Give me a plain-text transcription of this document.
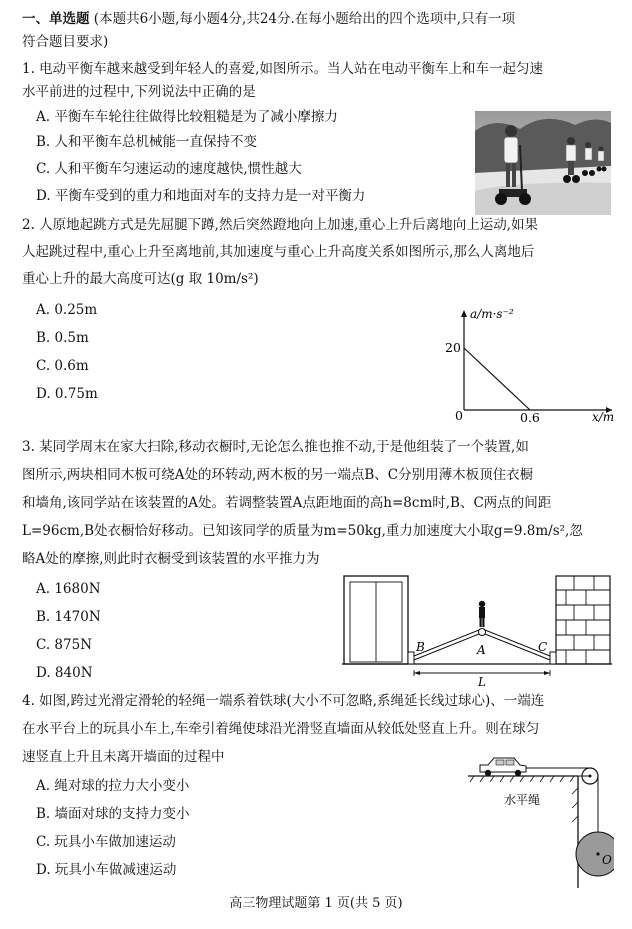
一、单选题 (本题共6小题,每小题4分,共24分.在每小题给出的四个选项中,只有一项
符合题目要求)
1. 电动平衡车越来越受到年轻人的喜爱,如图所示。当人站在电动平衡车上和车一起匀速
水平前进的过程中,下列说法中正确的是
A. 平衡车车轮往往做得比较粗糙是为了减小摩擦力
B. 人和平衡车总机械能一直保持不变
C. 人和平衡车匀速运动的速度越快,惯性越大
D. 平衡车受到的重力和地面对车的支持力是一对平衡力
2. 人原地起跳方式是先屈腿下蹲,然后突然蹬地向上加速,重心上升后离地向上运动,如果
人起跳过程中,重心上升至离地前,其加速度与重心上升高度关系如图所示,那么人离地后
重心上升的最大高度可达(g 取 10m/s²)
A. 0.25m
B. 0.5m
C. 0.6m
D. 0.75m
a/m·s⁻²
20
0	0.6	x/m
3. 某同学周末在家大扫除,移动衣橱时,无论怎么推也推不动,于是他组装了一个装置,如
图所示,两块相同木板可绕A处的环转动,两木板的另一端点B、C分别用薄木板顶住衣橱
和墙角,该同学站在该装置的A处。若调整装置A点距地面的高h=8cm时,B、C两点的间距
L=96cm,B处衣橱恰好移动。已知该同学的质量为m=50kg,重力加速度大小取g=9.8m/s²,忽
略A处的摩擦,则此时衣橱受到该装置的水平推力为
A. 1680N
B. 1470N
C. 875N
D. 840N
B	A	C
L
4. 如图,跨过光滑定滑轮的轻绳一端系着铁球(大小不可忽略,系绳延长线过球心)、一端连
在水平台上的玩具小车上,车牵引着绳使球沿光滑竖直墙面从较低处竖直上升。则在球匀
速竖直上升且未离开墙面的过程中
A. 绳对球的拉力大小变小
B. 墙面对球的支持力变小
C. 玩具小车做加速运动
D. 玩具小车做减速运动
水平绳
O
高三物理试题第 1 页(共 5 页)
